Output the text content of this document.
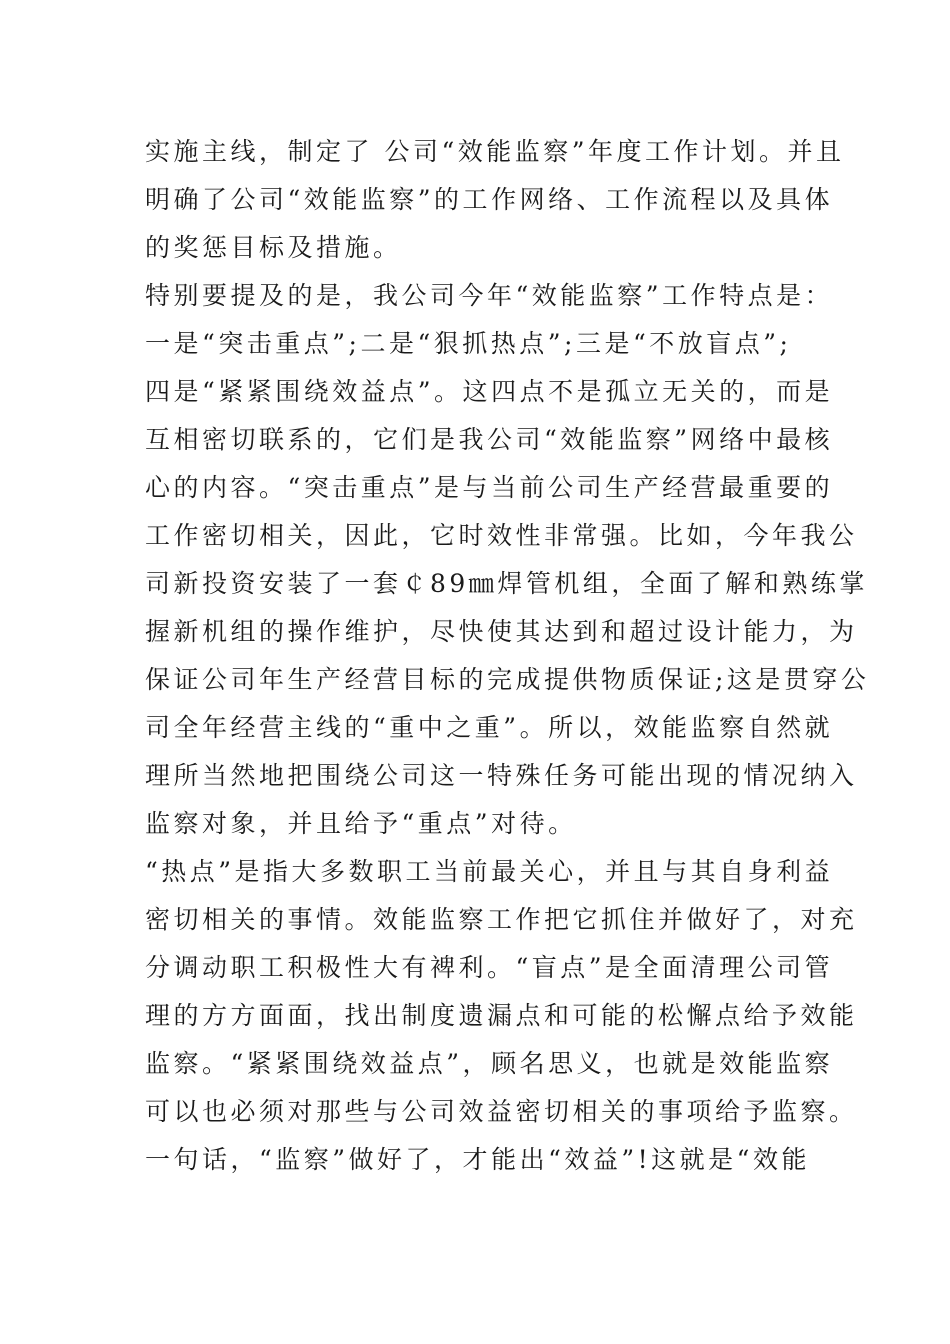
实施主线，制定了 公司“效能监察”年度工作计划。并且
明确了公司“效能监察”的工作网络、工作流程以及具体
的奖惩目标及措施。
特别要提及的是，我公司今年“效能监察”工作特点是：
一是“突击重点”;二是“狠抓热点”;三是“不放盲点”;
四是“紧紧围绕效益点”。这四点不是孤立无关的，而是
互相密切联系的，它们是我公司“效能监察”网络中最核
心的内容。“突击重点”是与当前公司生产经营最重要的
工作密切相关，因此，它时效性非常强。比如，今年我公
司新投资安装了一套￠89㎜焊管机组，全面了解和熟练掌
握新机组的操作维护，尽快使其达到和超过设计能力，为
保证公司年生产经营目标的完成提供物质保证;这是贯穿公
司全年经营主线的“重中之重”。所以，效能监察自然就
理所当然地把围绕公司这一特殊任务可能出现的情况纳入
监察对象，并且给予“重点”对待。
“热点”是指大多数职工当前最关心，并且与其自身利益
密切相关的事情。效能监察工作把它抓住并做好了，对充
分调动职工积极性大有裨利。“盲点”是全面清理公司管
理的方方面面，找出制度遗漏点和可能的松懈点给予效能
监察。“紧紧围绕效益点”，顾名思义，也就是效能监察
可以也必须对那些与公司效益密切相关的事项给予监察。
一句话，“监察”做好了，才能出“效益”!这就是“效能
